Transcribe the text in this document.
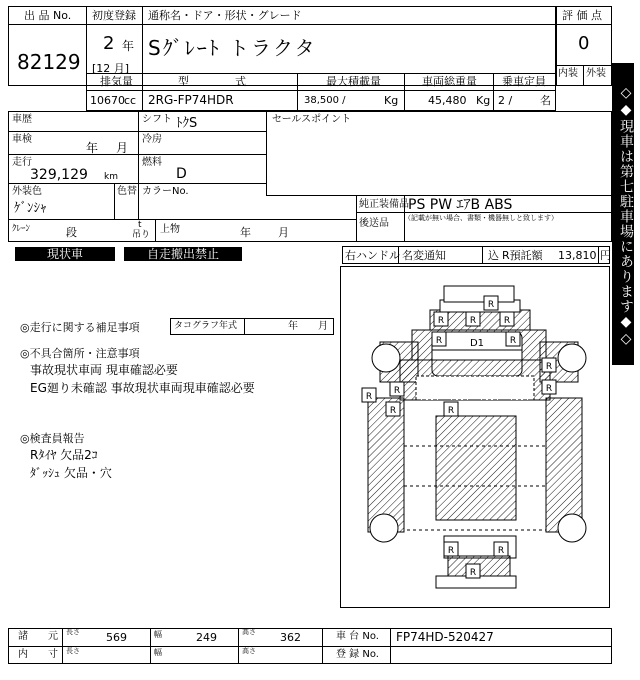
出 品 No.
82129
初度登録
2 年
[12 月]
通称名・ドア・形状・グレード
Sｸﾞﾚｰﾄ トラクタ
評 価 点
0
内装 外装
排気量
10670 cc
型　　式
2RG-FP74HDR
最大積載量
38,500 /	Kg
車両総重量
45,480 Kg
乗車定員
2 /	名
車歴	シフト ﾄｸS
車検
年 月
冷房
走行
329,129 km
燃料
D
外装色
ｹﾞﾝｼｬ
色替 カラーNo.
ｸﾚｰﾝ	段
t
吊り 上物	年 月
セールスポイント
純正装備品 PS PW ｴｱB ABS
後送品 （記載が無い場合、書類・機器無しと致します）
現状車	自走搬出禁止	右ハンドル 名変通知	込 R預託額 13,810 円 ◇◆現車は第七駐車場にあります◆◇
◎走行に関する補足事項	タコグラフ年式	年 月
◎不具合箇所・注意事項
事故現状車両 現車確認必要
EG廻り未確認 事故現状車両現車確認必要
◎検査員報告
Rﾀｲﾔ 欠品2ｺ
ﾀﾞｯｼｭ 欠品・穴
R
R	R	R
R	R
R
R	R
R
R	R
R	R
R
D1
諸　　元
内　　寸
長さ 569
長さ
幅	249
幅
高さ 362
高さ
車 台 No. FP74HD-520427
登 録 No.
